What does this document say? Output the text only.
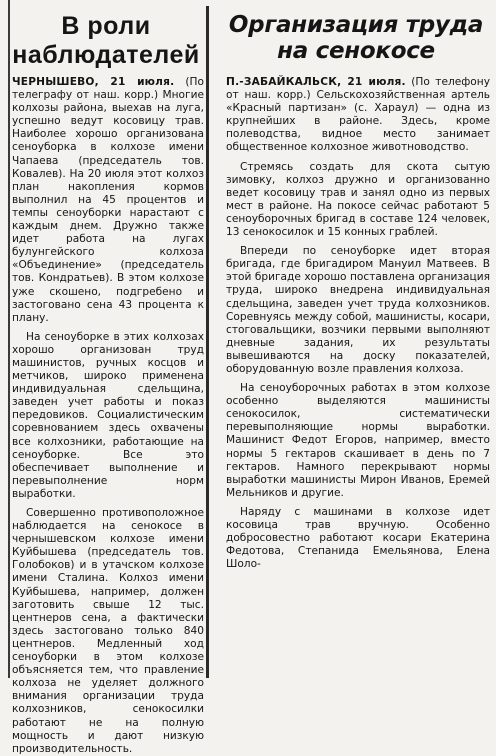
В роли
наблюдателей

ЧЕРНЫШЕВО, 21 июля. (По телеграфу от наш. корр.) Многие колхозы района, выехав на луга, успешно ведут косовицу трав. Наиболее хорошо организована сеноуборка в колхозе имени Чапаева (председатель тов. Ковалев). На 20 июля этот колхоз план накопления кормов выполнил на 45 процентов и темпы сеноуборки нарастают с каждым днем. Дружно также идет работа на лугах булунгейского колхоза «Объединение» (председатель тов. Кондратьев). В этом колхозе уже скошено, подгребено и застоговано сена 43 процента к плану.

На сеноуборке в этих колхозах хорошо организован труд машинистов, ручных косцов и метчиков, широко применена индивидуальная сдельщина, заведен учет работы и показ передовиков. Социалистическим соревнованием здесь охвачены все колхозники, работающие на сеноуборке. Все это обеспечивает выполнение и перевыполнение норм выработки.

Совершенно противоположное наблюдается на сенокосе в чернышевском колхозе имени Куйбышева (председатель тов. Голобоков) и в утачском колхозе имени Сталина. Колхоз имени Куйбышева, например, должен заготовить свыше 12 тыс. центнеров сена, а фактически здесь застоговано только 840 центнеров. Медленный ход сеноуборки в этом колхозе объясняется тем, что правление колхоза не уделяет должного внимания организации труда колхозников, сенокосилки работают не на полную мощность и дают низкую производительность.

Организация труда
на сенокосе

П.-ЗАБАЙКАЛЬСК, 21 июля. (По телефону от наш. корр.) Сельскохозяйственная артель «Красный партизан» (с. Хараул) — одна из крупнейших в районе. Здесь, кроме полеводства, видное место занимает общественное колхозное животноводство.

Стремясь создать для скота сытую зимовку, колхоз дружно и организованно ведет косовицу трав и занял одно из первых мест в районе. На покосе сейчас работают 5 сеноуборочных бригад в составе 124 человек, 13 сенокосилок и 15 конных граблей.

Впереди по сеноуборке идет вторая бригада, где бригадиром Мануил Матвеев. В этой бригаде хорошо поставлена организация труда, широко внедрена индивидуальная сдельщина, заведен учет труда колхозников. Соревнуясь между собой, машинисты, косари, стоговальщики, возчики первыми выполняют дневные задания, их результаты вывешиваются на доску показателей, оборудованную возле правления колхоза.

На сеноуборочных работах в этом колхозе особенно выделяются машинисты сенокосилок, систематически перевыполняющие нормы выработки. Машинист Федот Егоров, например, вместо нормы 5 гектаров скашивает в день по 7 гектаров. Намного перекрывают нормы выработки машинисты Мирон Иванов, Еремей Мельников и другие.

Наряду с машинами в колхозе идет косовица трав вручную. Особенно добросовестно работают косари Екатерина Федотова, Степанида Емельянова, Елена Шоло-
